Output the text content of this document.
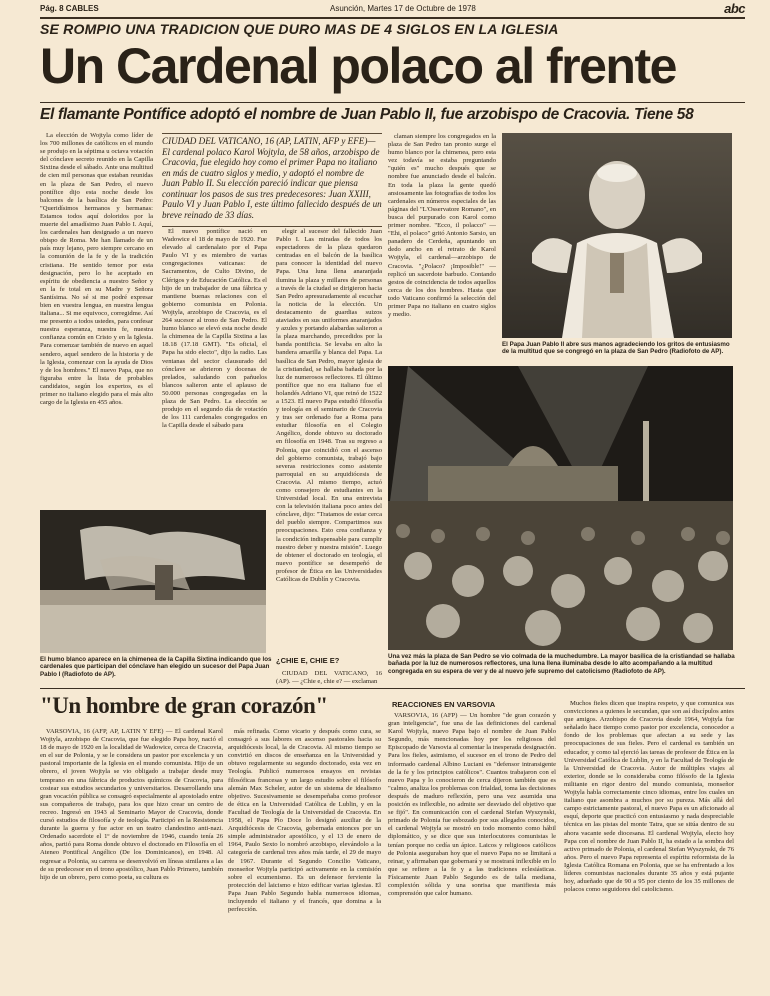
Pág. 8 CABLES	Asunción, Martes 17 de Octubre de 1978	abc
SE ROMPIO UNA TRADICION QUE DURO MAS DE 4 SIGLOS EN LA IGLESIA
Un Cardenal polaco al frente
El flamante Pontífice adoptó el nombre de Juan Pablo II, fue arzobispo de Cracovia. Tiene 58

La elección de Wojtyla como líder de los 700 millones de católicos en el mundo se produjo en la séptima u octava votación del cónclave secreto reunido en la Capilla Sixtina desde el sábado. Ante una multitud de cien mil personas que estaban reunidas en la plaza de San Pedro, el nuevo pontífice dijo esta noche desde los balcones de la basílica de San Pedro: "Queridísimos hermanos y hermanas: Estamos todos aquí doloridos por la muerte del amadísimo Juan Pablo I. Aquí, los cardenales han designado a un nuevo obispo de Roma. Me han llamado de un país muy lejano, pero siempre cercano en la comunión de la fe y de la tradición cristiana. He sentido temor por esta designación, pero lo he aceptado en espíritu de obediencia a nuestro Señor y en la fe total en su Madre y Señora Santísima. No sé si me podré expresar bien en vuestra lengua, en nuestra lengua italiana... Si me equivoco, corregidme. Así me presento a todos ustedes, para confesar nuestra esperanza, nuestra fe, nuestra confianza común en Cristo y en la Iglesia. Para comenzar también de nuevo en aquel sendero, aquel sendero de la historia y de la Iglesia, comenzar con la ayuda de Dios y de los hombres." El nuevo Papa, que no figuraba entre la lista de probables candidatos, según los expertos, es el primer no italiano elegido para el más alto cargo de la Iglesia en 455 años.

CIUDAD DEL VATICANO, 16 (AP, LATIN, AFP y EFE)— El cardenal polaco Karol Wojtyla, de 58 años, arzobispo de Cracovia, fue elegido hoy como el primer Papa no italiano en más de cuatro siglos y medio, y adoptó el nombre de Juan Pablo II. Su elección pareció indicar que piensa continuar los pasos de sus tres predecesores: Juan XXIII, Paulo VI y Juan Pablo I, este último fallecido después de un breve reinado de 33 días.

El nuevo pontífice nació en Wadowice el 18 de mayo de 1920. Fue elevado al cardenalato por el Papa Paulo VI y es miembro de varias congregaciones vaticanas: de Sacramentos, de Culto Divino, de Clérigos y de Educación Católica. Es el hijo de un trabajador de una fábrica y mantiene buenas relaciones con el gobierno comunista en Polonia. Wojtyla, arzobispo de Cracovia, es el 264 sucesor al trono de San Pedro. El humo blanco se elevó esta noche desde la chimenea de la Capilla Sixtina a las 18.18 (17.18 GMT). "Es oficial, el Papa ha sido electo", dijo la radio. Las ventanas del sector clausurado del cónclave se abrieron y docenas de prelados, saludando con pañuelos blancos salieron ante el aplauso de 50.000 personas congregadas en la plaza de San Pedro. La elección se produjo en el segundo día de votación de los 111 cardenales congregados en la Capilla desde el sábado para

elegir al sucesor del fallecido Juan Pablo I. Las miradas de todos los espectadores de la plaza quedaron centradas en el balcón de la basílica para conocer la identidad del nuevo Papa. Una luna llena anaranjada ilumina la plaza y millares de personas a través de la ciudad se dirigieron hacia San Pedro apresuradamente al escuchar la noticia de la elección. Un destacamento de guardias suizos ataviados en sus uniformes anaranjados y azules y portando alabardas salieron a la plaza marchando, precedidos por la banda pontificia. Se levaba en alto la bandera amarilla y blanca del Papa. La basílica de San Pedro, mayor iglesia de la cristiandad, se hallaba bañada por la luz de numerosos reflectores. El último pontífice que no era italiano fue el holandés Adriano VI, que reinó de 1522 a 1523. El nuevo Papa estudió filosofía y teología en el seminario de Cracovia y tras ser ordenado fue a Roma para estudiar filosofía en el Colegio Angélico, donde obtuvo su doctorado en filosofía en 1948. Tras su regreso a Polonia, que coincidió con el ascenso del gobierno comunista, trabajó bajo severas restricciones como asistente parroquial en su arquidiócesis de Cracovia. Al mismo tiempo, actuó como consejero de estudiantes en la Universidad local. En una entrevista con la televisión italiana poco antes del cónclave, dijo: "Tratamos de estar cerca del pueblo siempre. Compartimos sus preocupaciones. Esto crea confianza y la condición indispensable para cumplir nuestro deber y nuestra misión". Luego de obtener el doctorado en teología, el nuevo pontífice se desempeñó de profesor de Ética en las Universidades Católicas de Dublín y Cracovia.

claman siempre los congregados en la plaza de San Pedro tan pronto surge el humo blanco por la chimenea, pero esta vez todavía se estaba preguntando "quién es" mucho después que se nombre fue anunciado desde el balcón. En toda la plaza la gente quedó ansiosamente las fotografías de todos los cardenales en números especiales de las páginas del "L'Osservatore Romano", en busca del purpurado con Karol como primer nombre. "Ecco, il polacco" — "Ehi, el polaco" gritó Antonio Sarsio, un panadero de Cerdeña, apuntando un dedo ancho en el retrato de Karol Wojtyla, el cardenal—arzobispo de Cracovia. "¿Polaco? ¡Imposible!" — replicó un sacerdote barbudo. Contando gestos de coincidencia de todos aquellos cerca de los dos hombres. Hasta que todo Vaticano confirmó la selección del primer Papa no italiano en cuatro siglos y medio.

El Papa Juan Pablo II abre sus manos agradeciendo los gritos de entusiasmo de la multitud que se congregó en la plaza de San Pedro (Radiofoto de AP).
El humo blanco aparece en la chimenea de la Capilla Sixtina indicando que los cardenales que participan del cónclave han elegido un sucesor del Papa Juan Pablo I (Radiofoto de AP).
Una vez más la plaza de San Pedro se vio colmada de la muchedumbre. La mayor basílica de la cristiandad se hallaba bañada por la luz de numerosos reflectores, una luna llena iluminaba desde lo alto acompañando a la multitud congregada en su espera de ver y de al nuevo jefe supremo del catolicismo (Radiofoto de AP).
¿CHIE E, CHIE E?

CIUDAD DEL VATICANO, 16 (AP). — ¿Chie e, chie e? — exclaman

"Un hombre de gran corazón"

VARSOVIA, 16 (AFP, AP, LATIN Y EFE) — El cardenal Karol Wojtyla, arzobispo de Cracovia, que fue elegido Papa hoy, nació el 18 de mayo de 1920 en la localidad de Wadowice, cerca de Cracovia, en el sur de Polonia, y se le considera un pastor por excelencia y un pastoral importante de la Iglesia en el mundo comunista. Hijo de un obrero, el joven Wojtyla se vio obligado a trabajar desde muy temprano en una fábrica de productos químicos de Cracovia, para costear sus estudios secundarios y universitarios. Desarrollando una gran vocación pública se consagró especialmente al apostolado entre sus compañeros de trabajo, para los que hizo crear un centro de recreo. Ingresó en 1943 al Seminario Mayor de Cracovia, donde cursó estudios de filosofía y de teología. Participó en la Resistencia durante la guerra y fue actor en un teatro clandestino anti-nazi. Ordenado sacerdote el 1º de noviembre de 1946, cuando tenía 26 años, partió para Roma donde obtuvo el doctorado en Filosofía en el Ateneo Pontifical Angélico (De los Dominicanos), en 1948. Al regresar a Polonia, su carrera se desenvolvió en líneas similares a las de su predecesor en el trono apostólico, Juan Pablo Primero, también hijo de un obrero, pero como poeta, su cultura es

más refinada. Como vicario y después como cura, se consagró a sus labores en ascenso pastorales hacia su arquidiócesis local, la de Cracovia. Al mismo tiempo se convirtió en discos de enseñanza en la Universidad y obtuvo regularmente su segundo doctorado, esta vez en Teología. Publicó numerosos ensayos en revistas filosóficas francesas y un largo estudio sobre el filósofo alemán Max Scheler, autor de un sistema de idealismo objetivo. Sucesivamente se desempeñaba como profesor de ética en la Universidad Católica de Lublin, y en la Facultad de Teología de la Universidad de Cracovia. En 1958, el Papa Pío Doce lo designó auxiliar de la Arquidiócesis de Cracovia, gobernada entonces por un simple administrador apostólico, y el 13 de enero de 1964, Paulo Sexto lo nombró arzobispo, elevándolo a la categoría de cardenal tres años más tarde, el 29 de mayo de 1967. Durante el Segundo Concilio Vaticano, monseñor Wojtyla participó activamente en la comisión sobre el ecumenismo. Es un defensor ferviente la protección del laicismo e hizo edificar varias iglesias. El Papa Juan Pablo Segundo habla numerosos idiomas, incluyendo el italiano y el francés, que domina a la perfección.

REACCIONES EN VARSOVIA

VARSOVIA, 16 (AFP) — Un hombre "de gran corazón y gran inteligencia", fue una de las definiciones del cardenal Karol Wojtyla, nuevo Papa bajo el nombre de Juan Pablo Segundo, más mencionadas hoy por los religiosos del Episcopado de Varsovia al comentar la inesperada designación. Para los fieles, asimismo, el sucesor en el trono de Pedro del informado cardenal Albino Luciani es "defensor intransigente de la fe y los principios católicos". Cuantos trabajaron con el nuevo Papa y lo conocieron de cerca dijeron también que es "calmo, analiza los problemas con frialdad, toma las decisiones después de maduro reflexión, pero una vez asumida una posición es inflexible, no admite ser desviado del objetivo que se fijó". En comunicación con el cardenal Stefan Wyszynski, primado de Polonia fue esbozado por sus allegados conocidos, el cardenal Wojtyla se mostró en todo momento como hábil diplomático, y se dice que sus interlocutores comunistas le tenían porque no cedía un ápice. Laicos y religiosos católicos de Polonia aseguraban hoy que el nuevo Papa no se limitará a reinar, y afirmaban que gobernará y se mostrará inflexible en lo que se refiere a la fe y a las tradiciones eclesiásticas. Físicamente Juan Pablo Segundo es de talla mediana, complexión sólida y una sonrisa que manifiesta más comprensión que calor humano.

Muchos fieles dicen que inspira respeto, y que comunica sus convicciones a quienes le secundan, que son así discípulos antes que amigos. Arzobispo de Cracovia desde 1964, Wojtyla fue señalado hace tiempo como pastor por excelencia, conocedor a fondo de los problemas que afectan a su sede y las preocupaciones de sus fieles. Pero el cardenal es también un educador, y como tal ejerció las tareas de profesor de Ética en la Universidad Católica de Lublin, y en la Facultad de Teología de la Universidad de Cracovia. Autor de múltiples viajes al exterior, donde se lo consideraba como filósofo de la Iglesia militante en rigor dentro del mundo comunista, monseñor Wojtyla habla correctamente cinco idiomas, entre los cuales un italiano que asombra a muchos por su pureza. Más allá del campo estrictamente pastoral, el nuevo Papa es un aficionado al esquí, deporte que practicó con entusiasmo y nada despreciable técnica en las pistas del monte Tatra, que se sitúa dentro de su ahora vacante sede diocesana. El cardenal Wojtyla, electo hoy Papa con el nombre de Juan Pablo II, ha estado a la sombra del activo primado de Polonia, el cardenal Stefan Wyszynski, de 76 años. Pero el nuevo Papa representa el espíritu reformista de la Iglesia Católica Romana en Polonia, que se ha enfrentado a los líderes comunistas nacionales durante 35 años y está pujante hoy, adueñado que de 90 a 95 por ciento de los 35 millones de polacos como seguidores del catolicismo.
